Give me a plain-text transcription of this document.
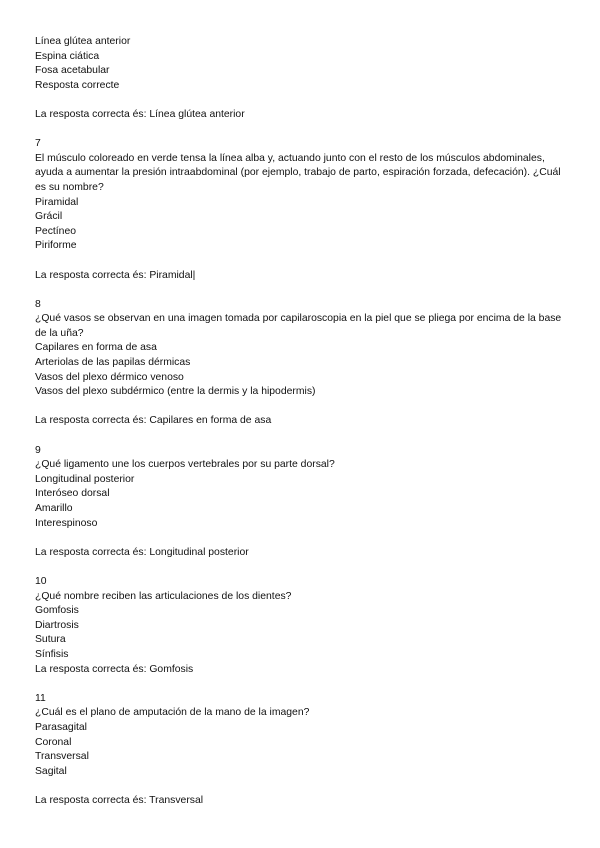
Línea glútea anterior
Espina ciática
Fosa acetabular
Resposta correcte
La resposta correcta és: Línea glútea anterior
7
El músculo coloreado en verde tensa la línea alba y, actuando junto con el resto de los músculos abdominales, ayuda a aumentar la presión intraabdominal (por ejemplo, trabajo de parto, espiración forzada, defecación). ¿Cuál es su nombre?
Piramidal
Grácil
Pectíneo
Piriforme
La resposta correcta és: Piramidal|
8
¿Qué vasos se observan en una imagen tomada por capilaroscopia en la piel que se pliega por encima de la base de la uña?
Capilares en forma de asa
Arteriolas de las papilas dérmicas
Vasos del plexo dérmico venoso
Vasos del plexo subdérmico (entre la dermis y la hipodermis)
La resposta correcta és: Capilares en forma de asa
9
¿Qué ligamento une los cuerpos vertebrales por su parte dorsal?
Longitudinal posterior
Interóseo dorsal
Amarillo
Interespinoso
La resposta correcta és: Longitudinal posterior
10
¿Qué nombre reciben las articulaciones de los dientes?
Gomfosis
Diartrosis
Sutura
Sínfisis
La resposta correcta és: Gomfosis
11
¿Cuál es el plano de amputación de la mano de la imagen?
Parasagital
Coronal
Transversal
Sagital
La resposta correcta és: Transversal
